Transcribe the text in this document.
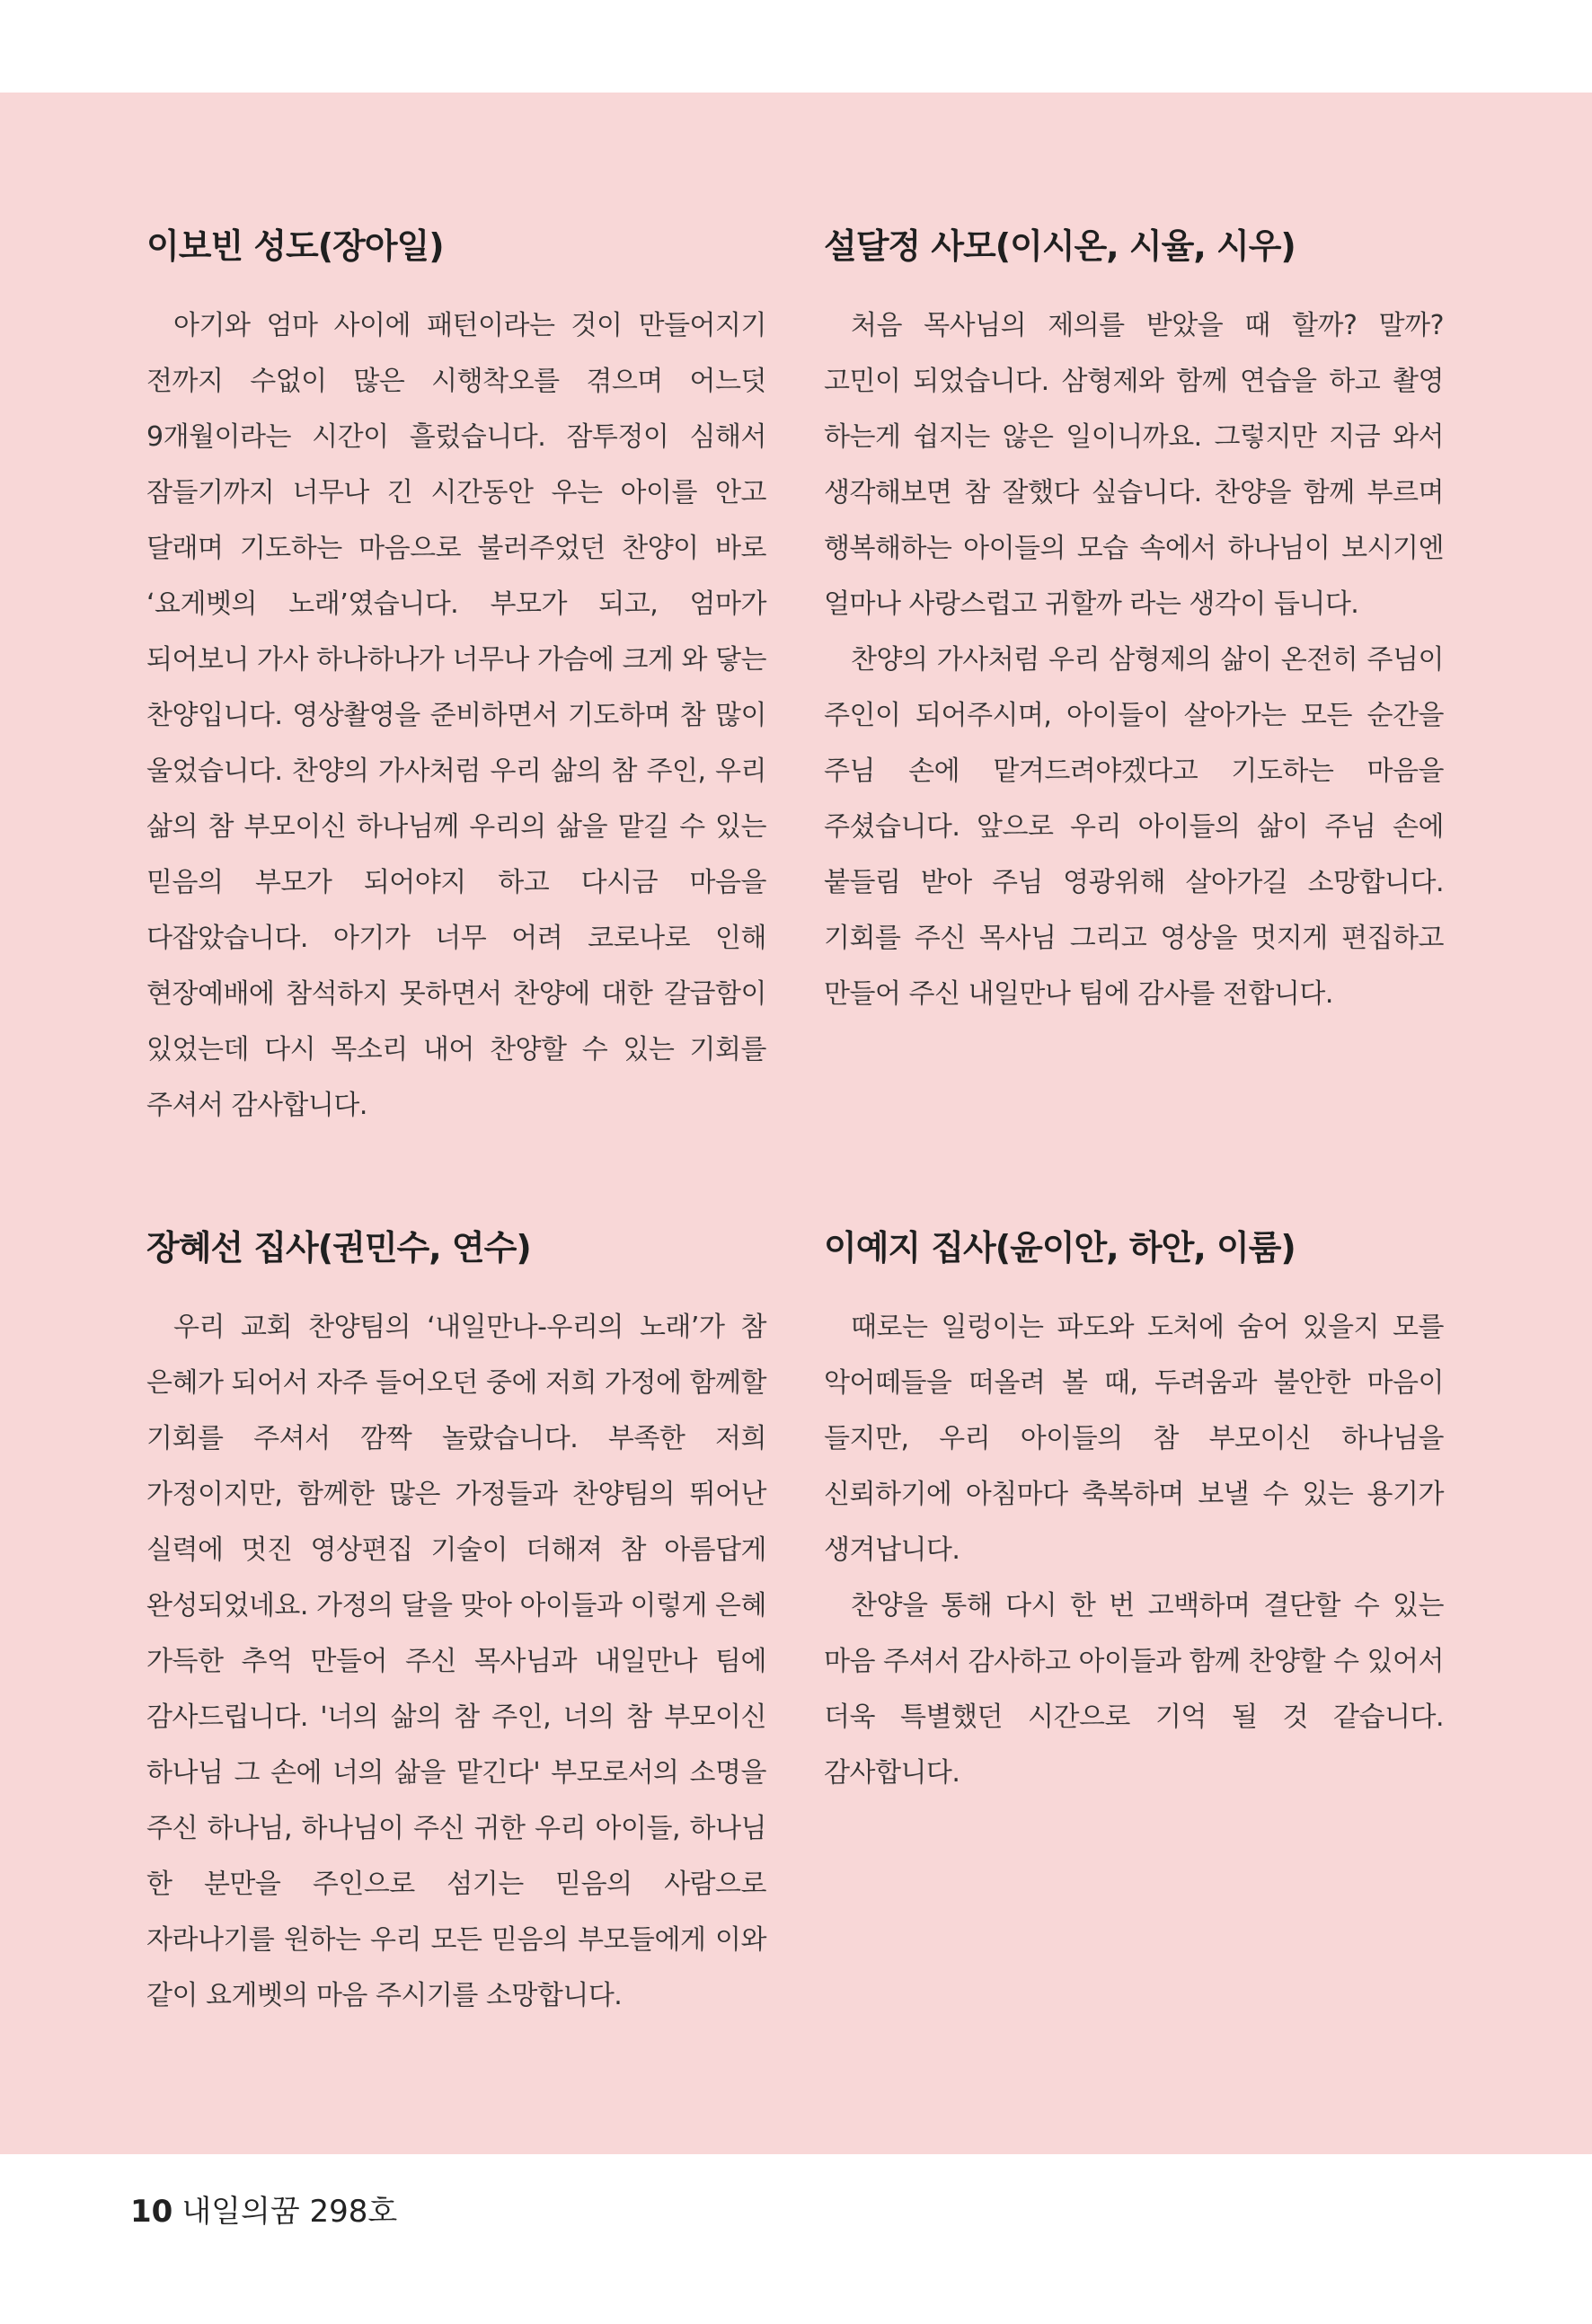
이보빈 성도(장아일)

아기와 엄마 사이에 패턴이라는 것이 만들어지기 전까지 수없이 많은 시행착오를 겪으며 어느덧 9개월이라는 시간이 흘렀습니다. 잠투정이 심해서 잠들기까지 너무나 긴 시간동안 우는 아이를 안고 달래며 기도하는 마음으로 불러주었던 찬양이 바로 ‘요게벳의 노래’였습니다. 부모가 되고, 엄마가 되어보니 가사 하나하나가 너무나 가슴에 크게 와 닿는 찬양입니다. 영상촬영을 준비하면서 기도하며 참 많이 울었습니다. 찬양의 가사처럼 우리 삶의 참 주인, 우리 삶의 참 부모이신 하나님께 우리의 삶을 맡길 수 있는 믿음의 부모가 되어야지 하고 다시금 마음을 다잡았습니다. 아기가 너무 어려 코로나로 인해 현장예배에 참석하지 못하면서 찬양에 대한 갈급함이 있었는데 다시 목소리 내어 찬양할 수 있는 기회를 주셔서 감사합니다.

설달정 사모(이시온, 시율, 시우)

처음 목사님의 제의를 받았을 때 할까? 말까? 고민이 되었습니다. 삼형제와 함께 연습을 하고 촬영 하는게 쉽지는 않은 일이니까요. 그렇지만 지금 와서 생각해보면 참 잘했다 싶습니다. 찬양을 함께 부르며 행복해하는 아이들의 모습 속에서 하나님이 보시기엔 얼마나 사랑스럽고 귀할까 라는 생각이 듭니다.

찬양의 가사처럼 우리 삼형제의 삶이 온전히 주님이 주인이 되어주시며, 아이들이 살아가는 모든 순간을 주님 손에 맡겨드려야겠다고 기도하는 마음을 주셨습니다. 앞으로 우리 아이들의 삶이 주님 손에 붙들림 받아 주님 영광위해 살아가길 소망합니다. 기회를 주신 목사님 그리고 영상을 멋지게 편집하고 만들어 주신 내일만나 팀에 감사를 전합니다.

장혜선 집사(권민수, 연수)

우리 교회 찬양팀의 ‘내일만나-우리의 노래’가 참 은혜가 되어서 자주 들어오던 중에 저희 가정에 함께할 기회를 주셔서 깜짝 놀랐습니다. 부족한 저희 가정이지만, 함께한 많은 가정들과 찬양팀의 뛰어난 실력에 멋진 영상편집 기술이 더해져 참 아름답게 완성되었네요. 가정의 달을 맞아 아이들과 이렇게 은혜 가득한 추억 만들어 주신 목사님과 내일만나 팀에 감사드립니다. '너의 삶의 참 주인, 너의 참 부모이신 하나님 그 손에 너의 삶을 맡긴다' 부모로서의 소명을 주신 하나님, 하나님이 주신 귀한 우리 아이들, 하나님 한 분만을 주인으로 섬기는 믿음의 사람으로 자라나기를 원하는 우리 모든 믿음의 부모들에게 이와 같이 요게벳의 마음 주시기를 소망합니다.

이예지 집사(윤이안, 하안, 이룸)

때로는 일렁이는 파도와 도처에 숨어 있을지 모를 악어떼들을 떠올려 볼 때, 두려움과 불안한 마음이 들지만, 우리 아이들의 참 부모이신 하나님을 신뢰하기에 아침마다 축복하며 보낼 수 있는 용기가 생겨납니다.

찬양을 통해 다시 한 번 고백하며 결단할 수 있는 마음 주셔서 감사하고 아이들과 함께 찬양할 수 있어서 더욱 특별했던 시간으로 기억 될 것 같습니다. 감사합니다.

10 내일의꿈 298호
